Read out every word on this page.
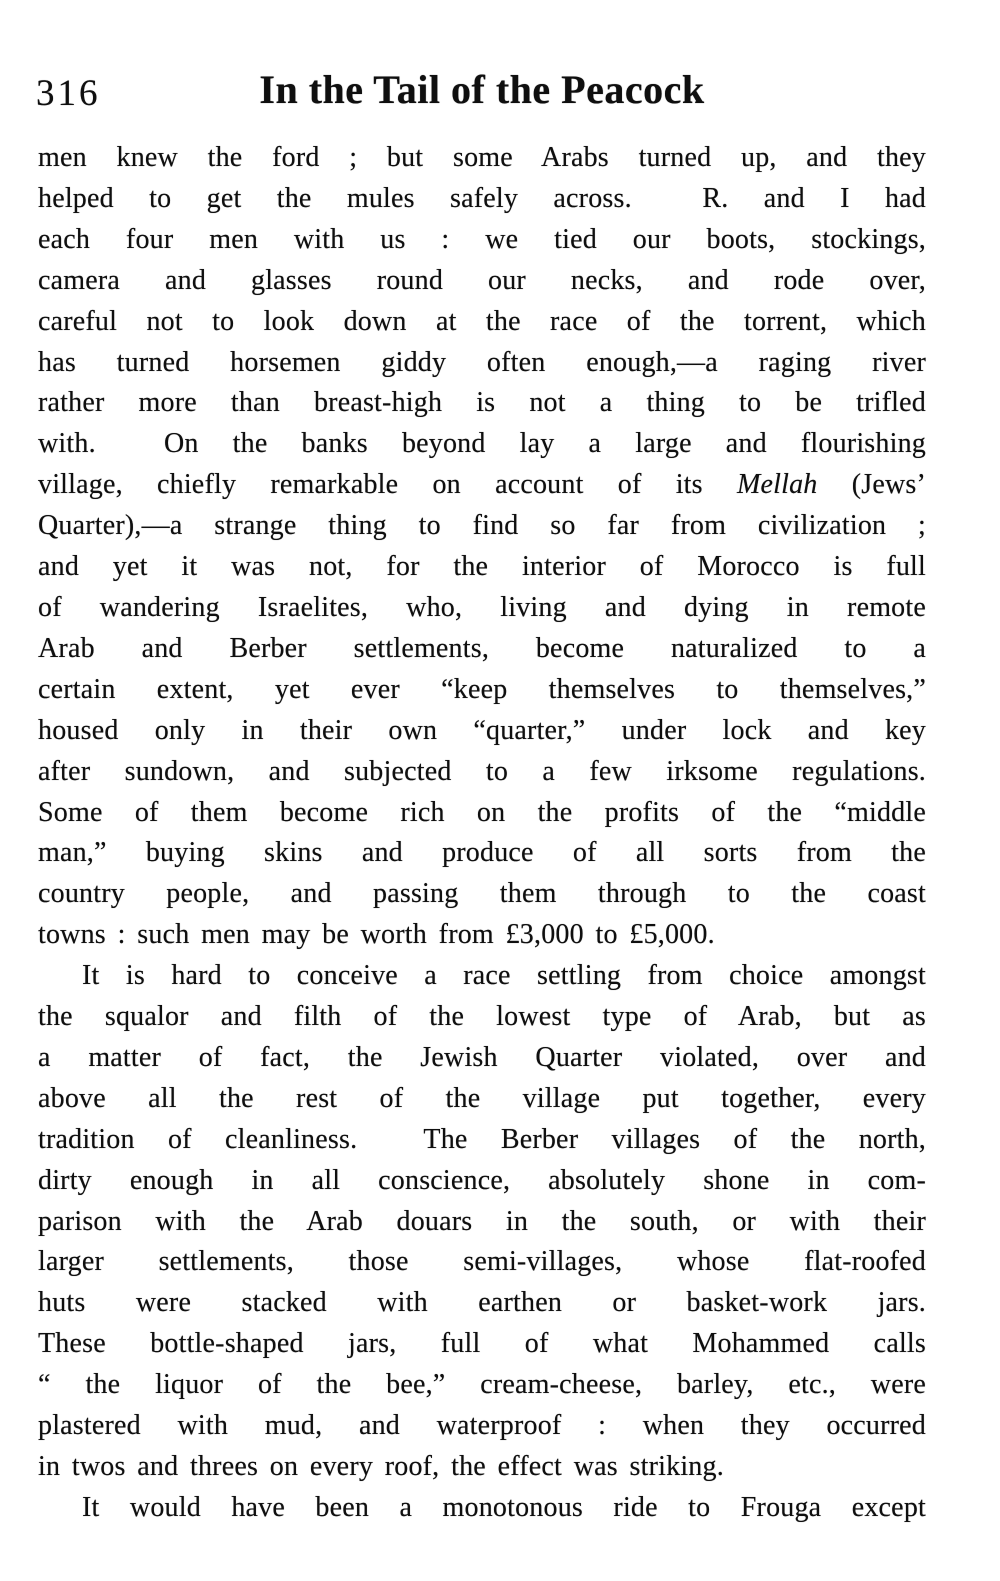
316	In the Tail of the Peacock
men knew the ford ; but some Arabs turned up, and they
helped to get the mules safely across.  R. and I had
each four men with us : we tied our boots, stockings,
camera and glasses round our necks, and rode over,
careful not to look down at the race of the torrent, which
has turned horsemen giddy often enough,—a raging river
rather more than breast-high is not a thing to be trifled
with.  On the banks beyond lay a large and flourishing
village, chiefly remarkable on account of its Mellah (Jews’
Quarter),—a strange thing to find so far from civilization ;
and yet it was not, for the interior of Morocco is full
of wandering Israelites, who, living and dying in remote
Arab and Berber settlements, become naturalized to a
certain extent, yet ever “keep themselves to themselves,”
housed only in their own “quarter,” under lock and key
after sundown, and subjected to a few irksome regulations.
Some of them become rich on the profits of the “middle
man,” buying skins and produce of all sorts from the
country people, and passing them through to the coast
towns : such men may be worth from £3,000 to £5,000.
It is hard to conceive a race settling from choice amongst
the squalor and filth of the lowest type of Arab, but as
a matter of fact, the Jewish Quarter violated, over and
above all the rest of the village put together, every
tradition of cleanliness.  The Berber villages of the north,
dirty enough in all conscience, absolutely shone in com-
parison with the Arab douars in the south, or with their
larger settlements, those semi-villages, whose flat-roofed
huts were stacked with earthen or basket-work jars.
These bottle-shaped jars, full of what Mohammed calls
“ the liquor of the bee,” cream-cheese, barley, etc., were
plastered with mud, and waterproof : when they occurred
in twos and threes on every roof, the effect was striking.
It would have been a monotonous ride to Frouga except
